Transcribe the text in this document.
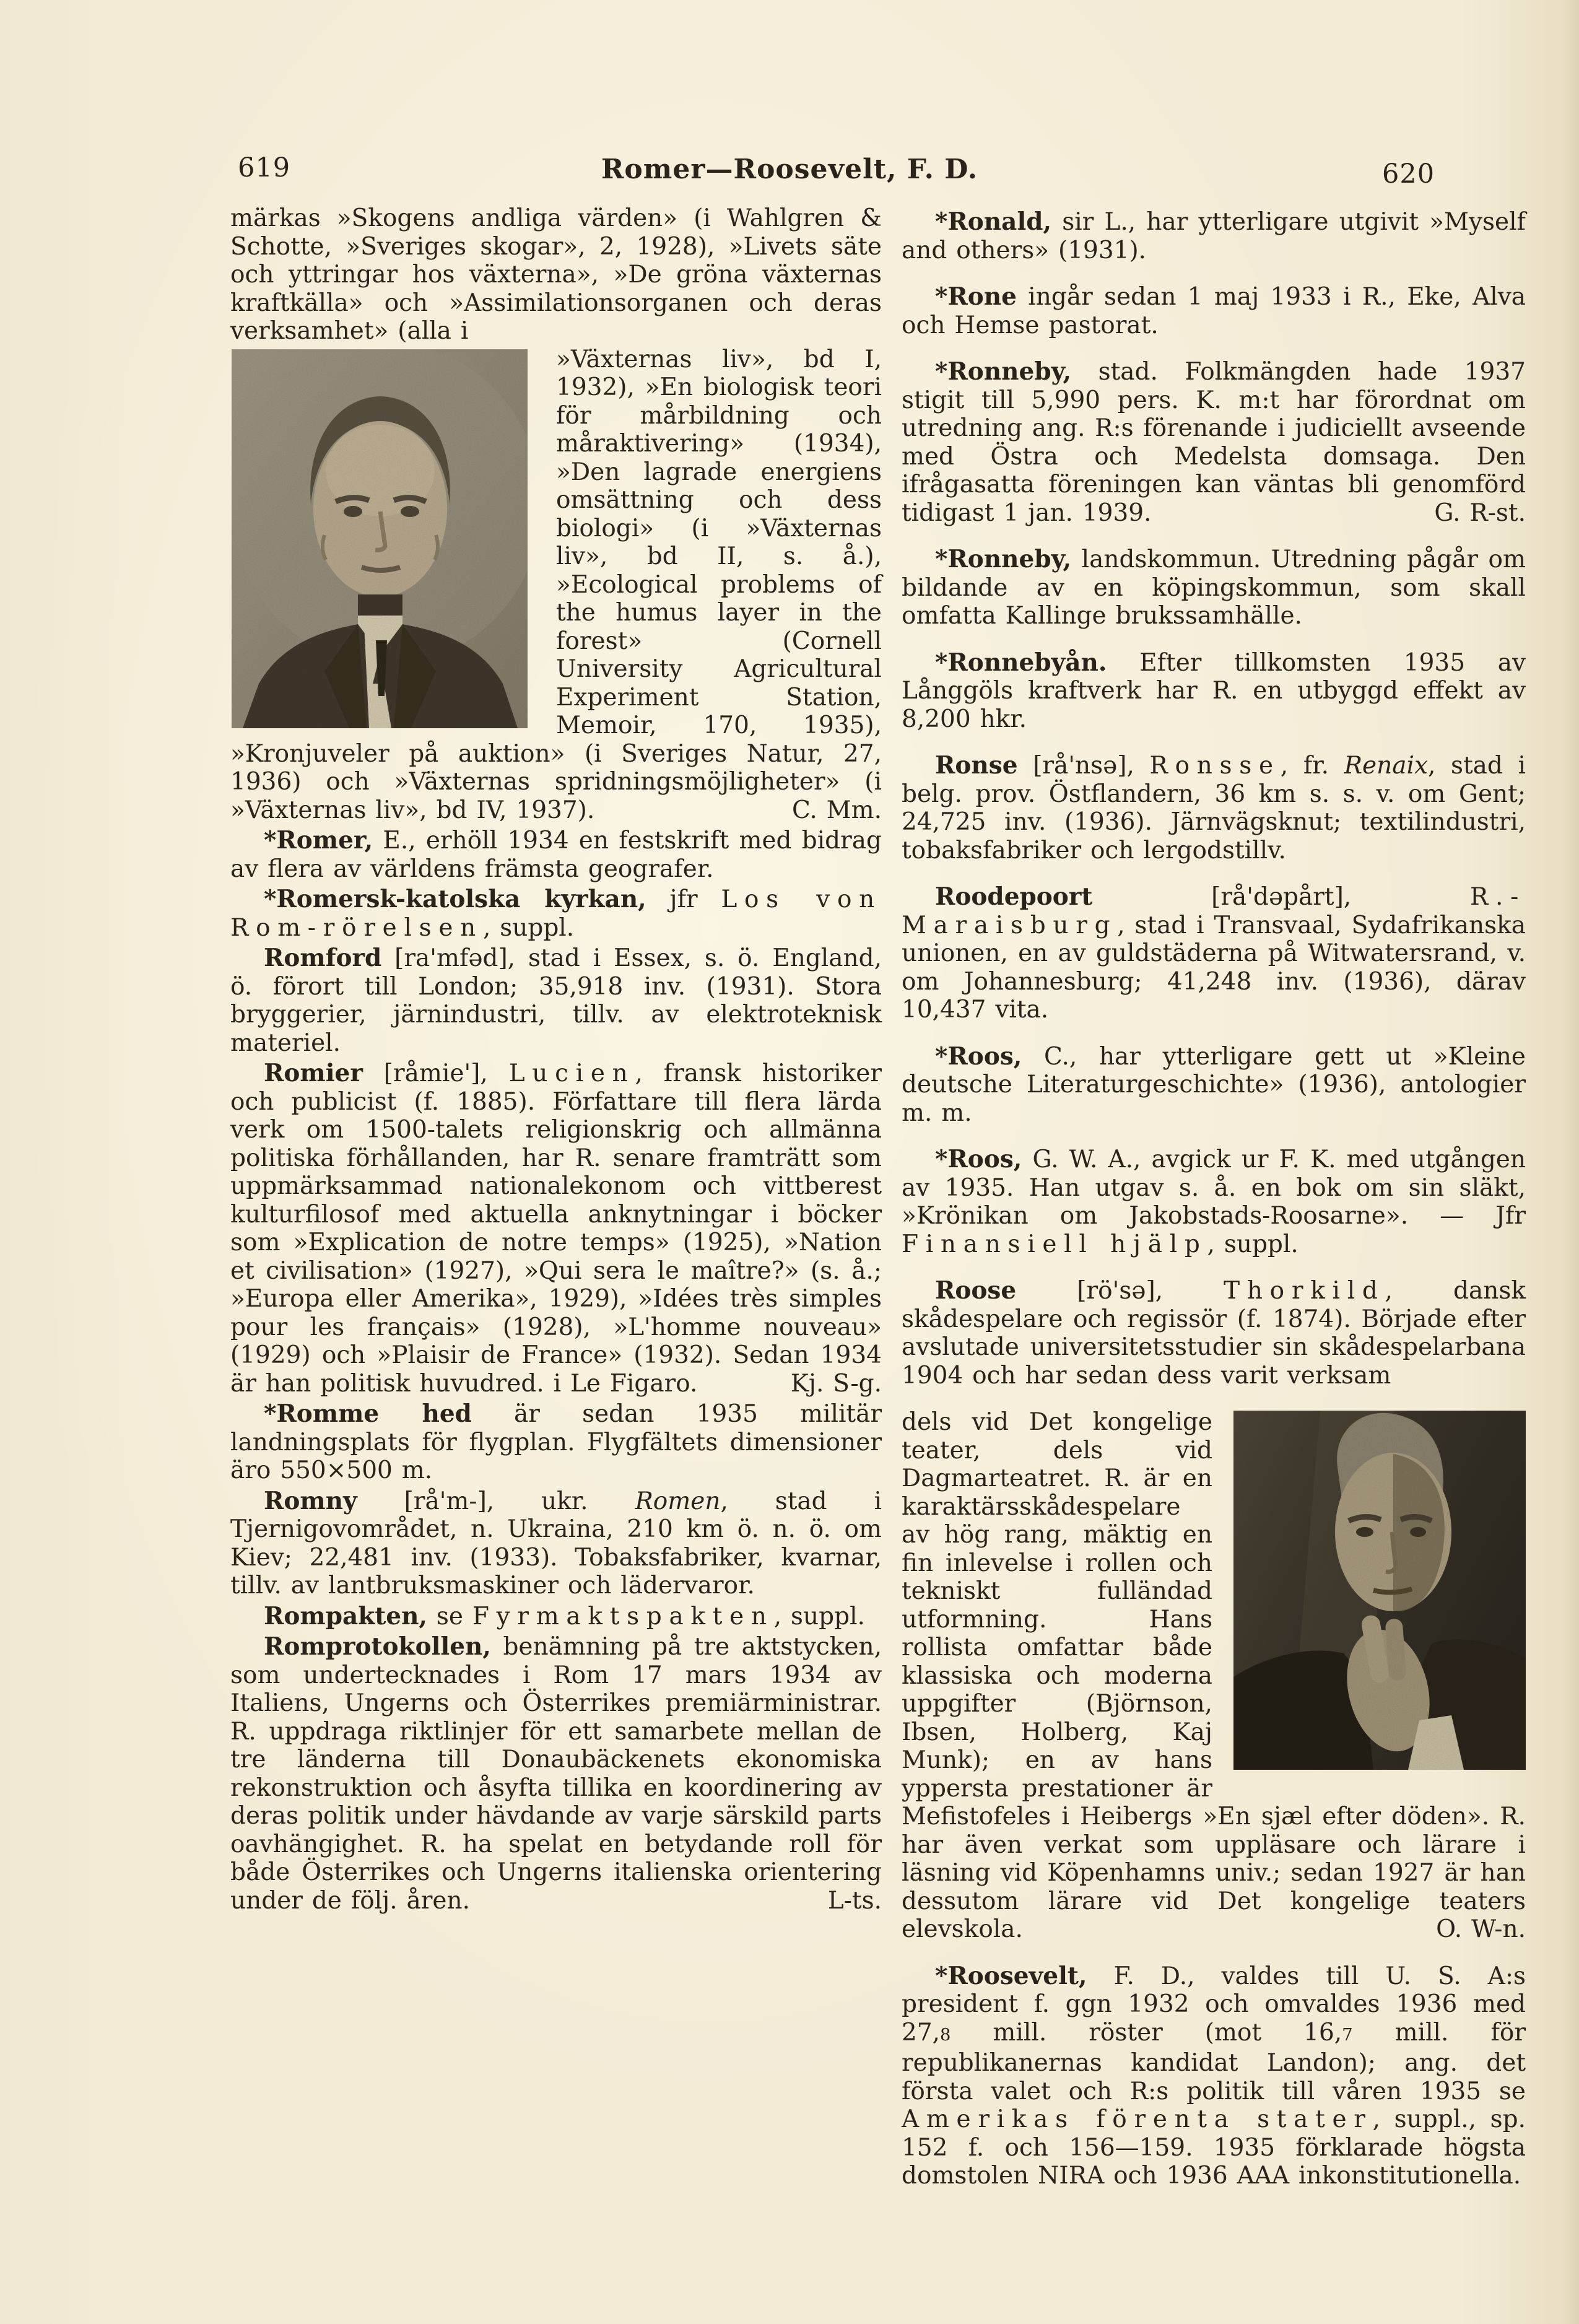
619	Romer—Roosevelt, F. D.	620

märkas »Skogens andliga värden» (i Wahlgren & Schotte, »Sveriges skogar», 2, 1928), »Livets säte och yttringar hos växterna», »De gröna växternas kraftkälla» och »Assimilationsorganen och deras verksamhet» (alla i

»Växternas liv», bd I, 1932), »En biologisk teori för mårbildning och måraktivering» (1934), »Den lagrade energiens omsättning och dess biologi» (i »Växternas liv», bd II, s. å.), »Ecological problems of the humus layer in the forest» (Cornell University Agricultural Experiment Station, Memoir, 170, 1935), »Kronjuveler på auktion» (i Sveriges Natur, 27, 1936) och »Växternas spridningsmöjligheter» (i »Växternas liv», bd IV, 1937).	C. Mm.

*Romer, E., erhöll 1934 en festskrift med bidrag av flera av världens främsta geografer.

*Romersk-katolska kyrkan, jfr Los von Rom-rörelsen, suppl.

Romford [ra'mfəd], stad i Essex, s. ö. England, ö. förort till London; 35,918 inv. (1931). Stora bryggerier, järnindustri, tillv. av elektroteknisk materiel.

Romier [råmie'], Lucien, fransk historiker och publicist (f. 1885). Författare till flera lärda verk om 1500-talets religionskrig och allmänna politiska förhållanden, har R. senare framträtt som uppmärksammad nationalekonom och vittberest kulturfilosof med aktuella anknytningar i böcker som »Explication de notre temps» (1925), »Nation et civilisation» (1927), »Qui sera le maître?» (s. å.; »Europa eller Amerika», 1929), »Idées très simples pour les français» (1928), »L'homme nouveau» (1929) och »Plaisir de France» (1932). Sedan 1934 är han politisk huvudred. i Le Figaro.	Kj. S-g.

*Romme hed är sedan 1935 militär landningsplats för flygplan. Flygfältets dimensioner äro 550×500 m.

Romny [rå'm-], ukr. Romen, stad i Tjernigovområdet, n. Ukraina, 210 km ö. n. ö. om Kiev; 22,481 inv. (1933). Tobaksfabriker, kvarnar, tillv. av lantbruksmaskiner och lädervaror.

Rompakten, se Fyrmaktspakten, suppl.

Romprotokollen, benämning på tre aktstycken, som undertecknades i Rom 17 mars 1934 av Italiens, Ungerns och Österrikes premiärministrar. R. uppdraga riktlinjer för ett samarbete mellan de tre länderna till Donaubäckenets ekonomiska rekonstruktion och åsyfta tillika en koordinering av deras politik under hävdande av varje särskild parts oavhängighet. R. ha spelat en betydande roll för både Österrikes och Ungerns italienska orientering under de följ. åren.	L-ts.

*Ronald, sir L., har ytterligare utgivit »Myself and others» (1931).

*Rone ingår sedan 1 maj 1933 i R., Eke, Alva och Hemse pastorat.

*Ronneby, stad. Folkmängden hade 1937 stigit till 5,990 pers. K. m:t har förordnat om utredning ang. R:s förenande i judiciellt avseende med Östra och Medelsta domsaga. Den ifrågasatta föreningen kan väntas bli genomförd tidigast 1 jan. 1939.	G. R-st.

*Ronneby, landskommun. Utredning pågår om bildande av en köpingskommun, som skall omfatta Kallinge brukssamhälle.

*Ronnebyån. Efter tillkomsten 1935 av Långgöls kraftverk har R. en utbyggd effekt av 8,200 hkr.

Ronse [rå'nsə], Ronsse, fr. Renaix, stad i belg. prov. Östflandern, 36 km s. s. v. om Gent; 24,725 inv. (1936). Järnvägsknut; textilindustri, tobaksfabriker och lergodstillv.

Roodepoort [rå'dəpårt], R.-Maraisburg, stad i Transvaal, Sydafrikanska unionen, en av guldstäderna på Witwatersrand, v. om Johannesburg; 41,248 inv. (1936), därav 10,437 vita.

*Roos, C., har ytterligare gett ut »Kleine deutsche Literaturgeschichte» (1936), antologier m. m.

*Roos, G. W. A., avgick ur F. K. med utgången av 1935. Han utgav s. å. en bok om sin släkt, »Krönikan om Jakobstads-Roosarne». — Jfr Finansiell hjälp, suppl.

Roose [rö'sə], Thorkild, dansk skådespelare och regissör (f. 1874). Började efter avslutade universitetsstudier sin skådespelarbana 1904 och har sedan dess varit verksam

dels vid Det kongelige teater, dels vid Dagmarteatret. R. är en karaktärsskådespelare av hög rang, mäktig en fin inlevelse i rollen och tekniskt fulländad utformning. Hans rollista omfattar både klassiska och moderna uppgifter (Björnson, Ibsen, Holberg, Kaj Munk); en av hans yppersta prestationer är Mefistofeles i Heibergs »En sjæl efter döden». R. har även verkat som uppläsare och lärare i läsning vid Köpenhamns univ.; sedan 1927 är han dessutom lärare vid Det kongelige teaters elevskola.	O. W-n.

*Roosevelt, F. D., valdes till U. S. A:s president f. ggn 1932 och omvaldes 1936 med 27,8 mill. röster (mot 16,7 mill. för republikanernas kandidat Landon); ang. det första valet och R:s politik till våren 1935 se Amerikas förenta stater, suppl., sp. 152 f. och 156—159. 1935 förklarade högsta domstolen NIRA och 1936 AAA inkonstitutionella.
